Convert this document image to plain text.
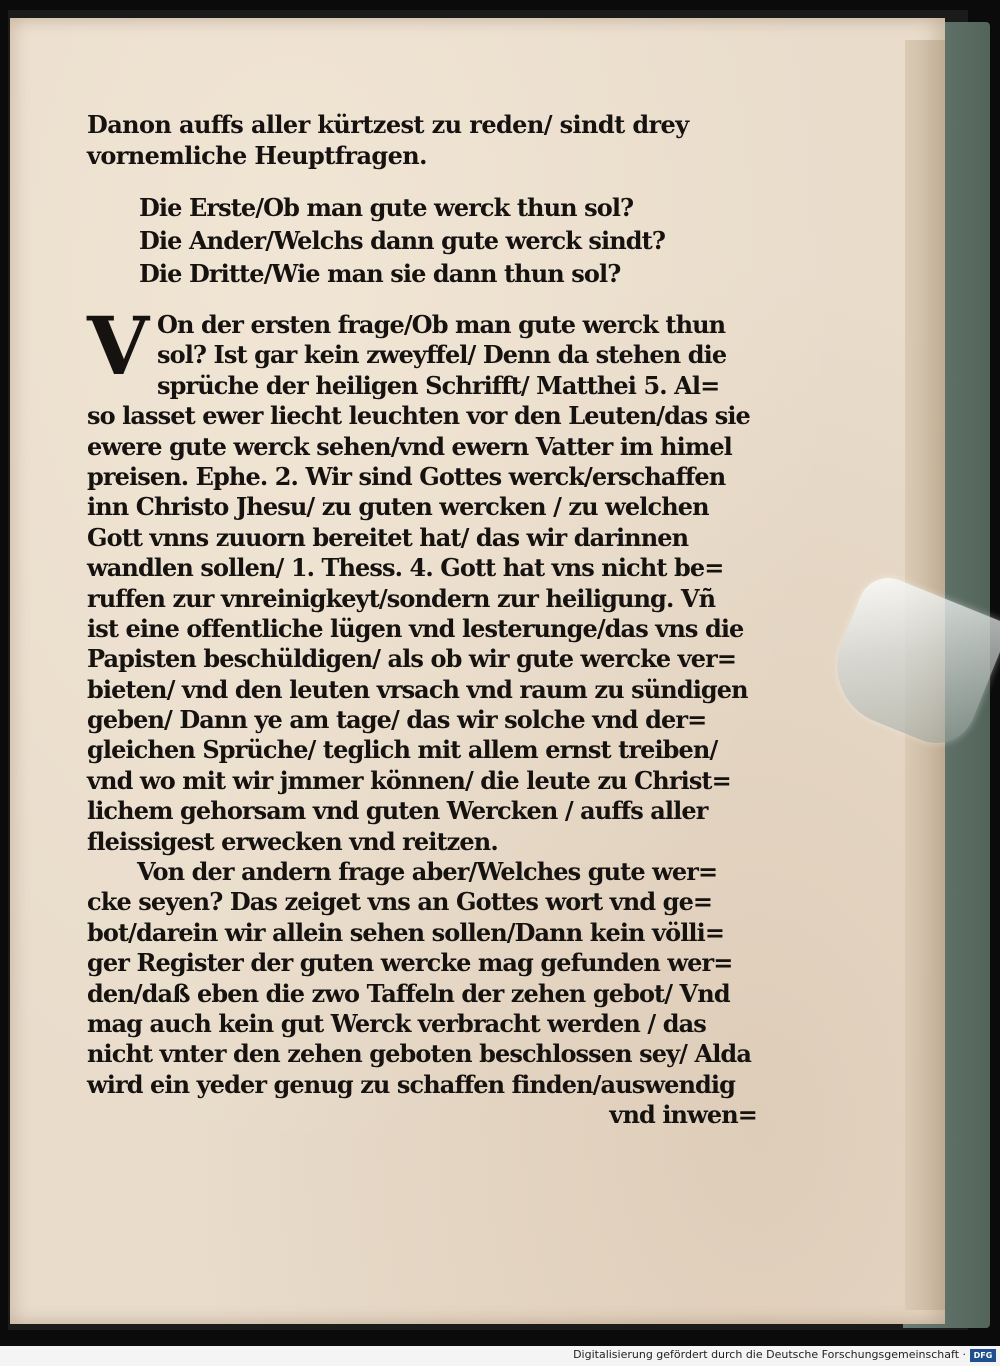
Danon auffs aller kürtzest zu reden/ sindt drey
vornemliche Heuptfragen.
Die Erste/Ob man gute werck thun sol?
Die Ander/Welchs dann gute werck sindt?
Die Dritte/Wie man sie dann thun sol?
V On der ersten frage/Ob man gute werck thun
sol? Ist gar kein zweyffel/ Denn da stehen die
sprüche der heiligen Schrifft/ Matthei 5. Al=
so lasset ewer liecht leuchten vor den Leuten/das sie
ewere gute werck sehen/vnd ewern Vatter im himel
preisen. Ephe. 2. Wir sind Gottes werck/erschaffen
inn Christo Jhesu/ zu guten wercken / zu welchen
Gott vnns zuuorn bereitet hat/ das wir darinnen
wandlen sollen/ 1. Thess. 4. Gott hat vns nicht be=
ruffen zur vnreinigkeyt/sondern zur heiligung. Vñ
ist eine offentliche lügen vnd lesterunge/das vns die
Papisten beschüldigen/ als ob wir gute wercke ver=
bieten/ vnd den leuten vrsach vnd raum zu sündigen
geben/ Dann ye am tage/ das wir solche vnd der=
gleichen Sprüche/ teglich mit allem ernst treiben/
vnd wo mit wir jmmer können/ die leute zu Christ=
lichem gehorsam vnd guten Wercken / auffs aller
fleissigest erwecken vnd reitzen.
Von der andern frage aber/Welches gute wer=
cke seyen? Das zeiget vns an Gottes wort vnd ge=
bot/darein wir allein sehen sollen/Dann kein völli=
ger Register der guten wercke mag gefunden wer=
den/daß eben die zwo Taffeln der zehen gebot/ Vnd
mag auch kein gut Werck verbracht werden / das
nicht vnter den zehen geboten beschlossen sey/ Alda
wird ein yeder genug zu schaffen finden/auswendig
vnd inwen=
Digitalisierung gefördert durch die Deutsche Forschungsgemeinschaft · DFG
